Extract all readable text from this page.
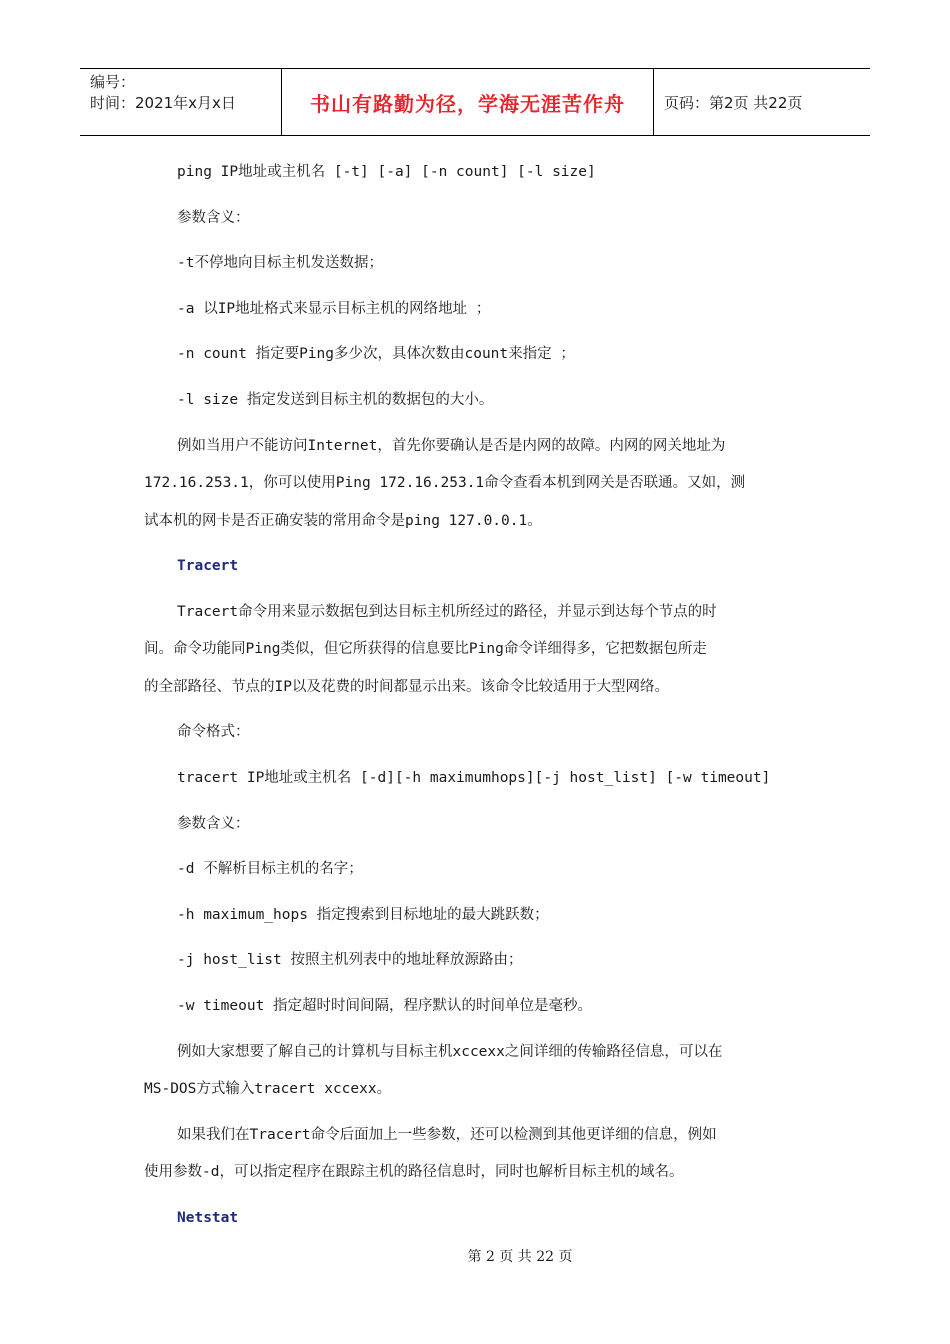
编号：
时间：2021年x月x日	书山有路勤为径，学海无涯苦作舟	页码：第2页 共22页
ping IP地址或主机名 [-t] [-a] [-n count] [-l size]
参数含义：
-t不停地向目标主机发送数据；
-a 以IP地址格式来显示目标主机的网络地址 ；
-n count 指定要Ping多少次，具体次数由count来指定 ；
-l size 指定发送到目标主机的数据包的大小。
例如当用户不能访问Internet，首先你要确认是否是内网的故障。内网的网关地址为
172.16.253.1，你可以使用Ping 172.16.253.1命令查看本机到网关是否联通。又如，测
试本机的网卡是否正确安装的常用命令是ping 127.0.0.1。
Tracert
Tracert命令用来显示数据包到达目标主机所经过的路径，并显示到达每个节点的时
间。命令功能同Ping类似，但它所获得的信息要比Ping命令详细得多，它把数据包所走
的全部路径、节点的IP以及花费的时间都显示出来。该命令比较适用于大型网络。
命令格式：
tracert IP地址或主机名 [-d][-h maximumhops][-j host_list] [-w timeout]
参数含义：
-d 不解析目标主机的名字；
-h maximum_hops 指定搜索到目标地址的最大跳跃数；
-j host_list 按照主机列表中的地址释放源路由；
-w timeout 指定超时时间间隔，程序默认的时间单位是毫秒。
例如大家想要了解自己的计算机与目标主机xccexx之间详细的传输路径信息，可以在
MS-DOS方式输入tracert xccexx。
如果我们在Tracert命令后面加上一些参数，还可以检测到其他更详细的信息，例如
使用参数-d，可以指定程序在跟踪主机的路径信息时，同时也解析目标主机的域名。
Netstat
第 2 页 共 22 页
